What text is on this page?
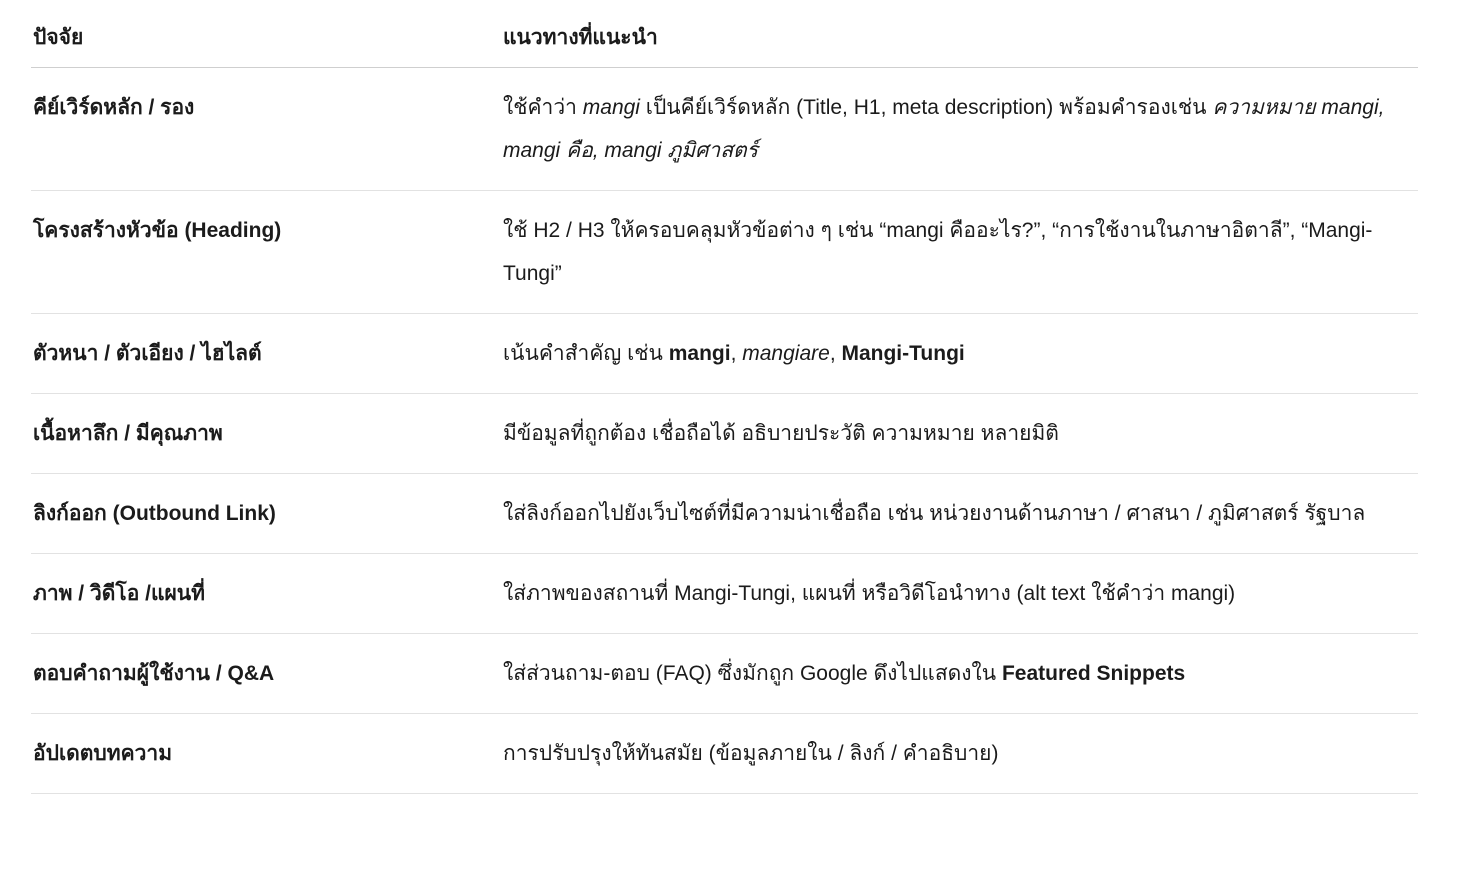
ปัจจัย	แนวทางที่แนะนำ
คีย์เวิร์ดหลัก / รอง	ใช้คำว่า mangi เป็นคีย์เวิร์ดหลัก (Title, H1, meta description) พร้อมคำรองเช่น ความหมาย mangi, mangi คือ, mangi ภูมิศาสตร์
โครงสร้างหัวข้อ (Heading)	ใช้ H2 / H3 ให้ครอบคลุมหัวข้อต่าง ๆ เช่น “mangi คืออะไร?”, “การใช้งานในภาษาอิตาลี”, “Mangi-Tungi”
ตัวหนา / ตัวเอียง / ไฮไลต์	เน้นคำสำคัญ เช่น mangi, mangiare, Mangi-Tungi
เนื้อหาลึก / มีคุณภาพ	มีข้อมูลที่ถูกต้อง เชื่อถือได้ อธิบายประวัติ ความหมาย หลายมิติ
ลิงก์ออก (Outbound Link)	ใส่ลิงก์ออกไปยังเว็บไซต์ที่มีความน่าเชื่อถือ เช่น หน่วยงานด้านภาษา / ศาสนา / ภูมิศาสตร์ รัฐบาล
ภาพ / วิดีโอ /แผนที่	ใส่ภาพของสถานที่ Mangi-Tungi, แผนที่ หรือวิดีโอนำทาง (alt text ใช้คำว่า mangi)
ตอบคำถามผู้ใช้งาน / Q&A	ใส่ส่วนถาม-ตอบ (FAQ) ซึ่งมักถูก Google ดึงไปแสดงใน Featured Snippets
อัปเดตบทความ	การปรับปรุงให้ทันสมัย (ข้อมูลภายใน / ลิงก์ / คำอธิบาย)
